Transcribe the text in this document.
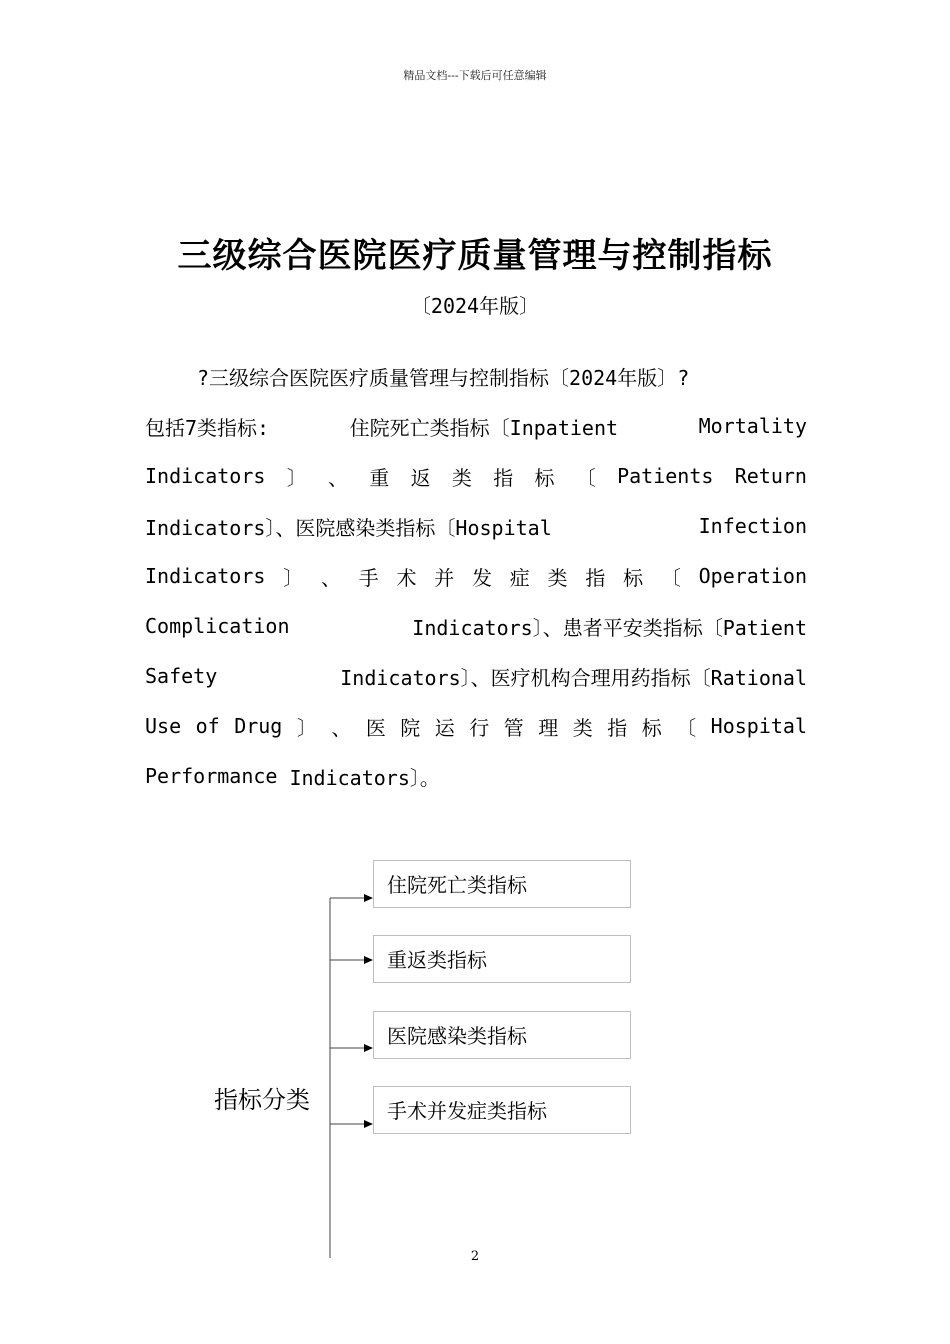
精品文档---下载后可任意编辑
三级综合医院医疗质量管理与控制指标
〔2024年版〕
?三级综合医院医疗质量管理与控制指标〔2024年版〕?
包括7类指标:	住院死亡类指标〔Inpatient	Mortality
Indicators 〕 、 重 返 类 指 标 〔 Patients Return
Indicators〕、医院感染类指标〔Hospital	Infection
Indicators 〕 、 手 术 并 发 症 类 指 标 〔 Operation
Complication	Indicators〕、患者平安类指标〔Patient
Safety	Indicators〕、医疗机构合理用药指标〔Rational
Use of Drug 〕 、 医 院 运 行 管 理 类 指 标 〔 Hospital
Performance Indicators〕。
住院死亡类指标
重返类指标
医院感染类指标
手术并发症类指标
指标分类
2
